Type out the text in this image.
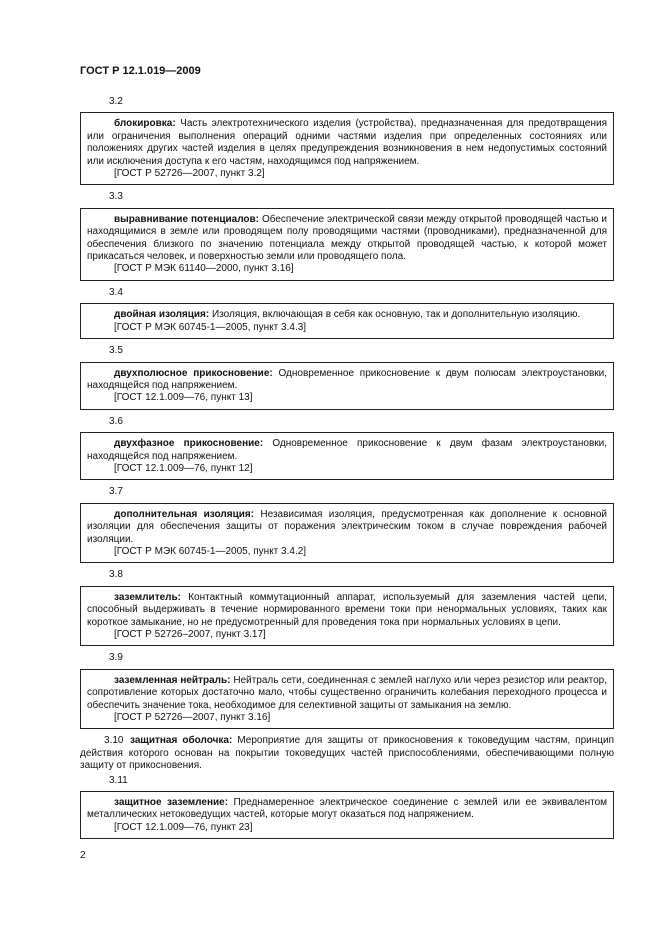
ГОСТ Р 12.1.019—2009
3.2
блокировка: Часть электротехнического изделия (устройства), предназначенная для предотвращения или ограничения выполнения операций одними частями изделия при определенных состояниях или положениях других частей изделия в целях предупреждения возникновения в нем недопустимых состояний или исключения доступа к его частям, находящимся под напряжением.
[ГОСТ Р 52726—2007, пункт 3.2]
3.3
выравнивание потенциалов: Обеспечение электрической связи между открытой проводящей частью и находящимися в земле или проводящем полу проводящими частями (проводниками), предназначенной для обеспечения близкого по значению потенциала между открытой проводящей частью, к которой может прикасаться человек, и поверхностью земли или проводящего пола.
[ГОСТ Р МЭК 61140—2000, пункт 3.16]
3.4
двойная изоляция: Изоляция, включающая в себя как основную, так и дополнительную изоляцию.
[ГОСТ Р МЭК 60745-1—2005, пункт 3.4.3]
3.5
двухполюсное прикосновение: Одновременное прикосновение к двум полюсам электроустановки, находящейся под напряжением.
[ГОСТ 12.1.009—76, пункт 13]
3.6
двухфазное прикосновение: Одновременное прикосновение к двум фазам электроустановки, находящейся под напряжением.
[ГОСТ 12.1.009—76, пункт 12]
3.7
дополнительная изоляция: Независимая изоляция, предусмотренная как дополнение к основной изоляции для обеспечения защиты от поражения электрическим током в случае повреждения рабочей изоляции.
[ГОСТ Р МЭК 60745-1—2005, пункт 3.4.2]
3.8
заземлитель: Контактный коммутационный аппарат, используемый для заземления частей цепи, способный выдерживать в течение нормированного времени токи при ненормальных условиях, таких как короткое замыкание, но не предусмотренный для проведения тока при нормальных условиях в цепи.
[ГОСТ Р 52726–2007, пункт 3.17]
3.9
заземленная нейтраль: Нейтраль сети, соединенная с землей наглухо или через резистор или реактор, сопротивление которых достаточно мало, чтобы существенно ограничить колебания переходного процесса и обеспечить значение тока, необходимое для селективной защиты от замыкания на землю.
[ГОСТ Р 52726—2007, пункт 3.16]
3.10 защитная оболочка: Мероприятие для защиты от прикосновения к токоведущим частям, принцип действия которого основан на покрытии токоведущих частей приспособлениями, обеспечивающими полную защиту от прикосновения.
3.11
защитное заземление: Преднамеренное электрическое соединение с землей или ее эквивалентом металлических нетоковедущих частей, которые могут оказаться под напряжением.
[ГОСТ 12.1.009—76, пункт 23]
2
